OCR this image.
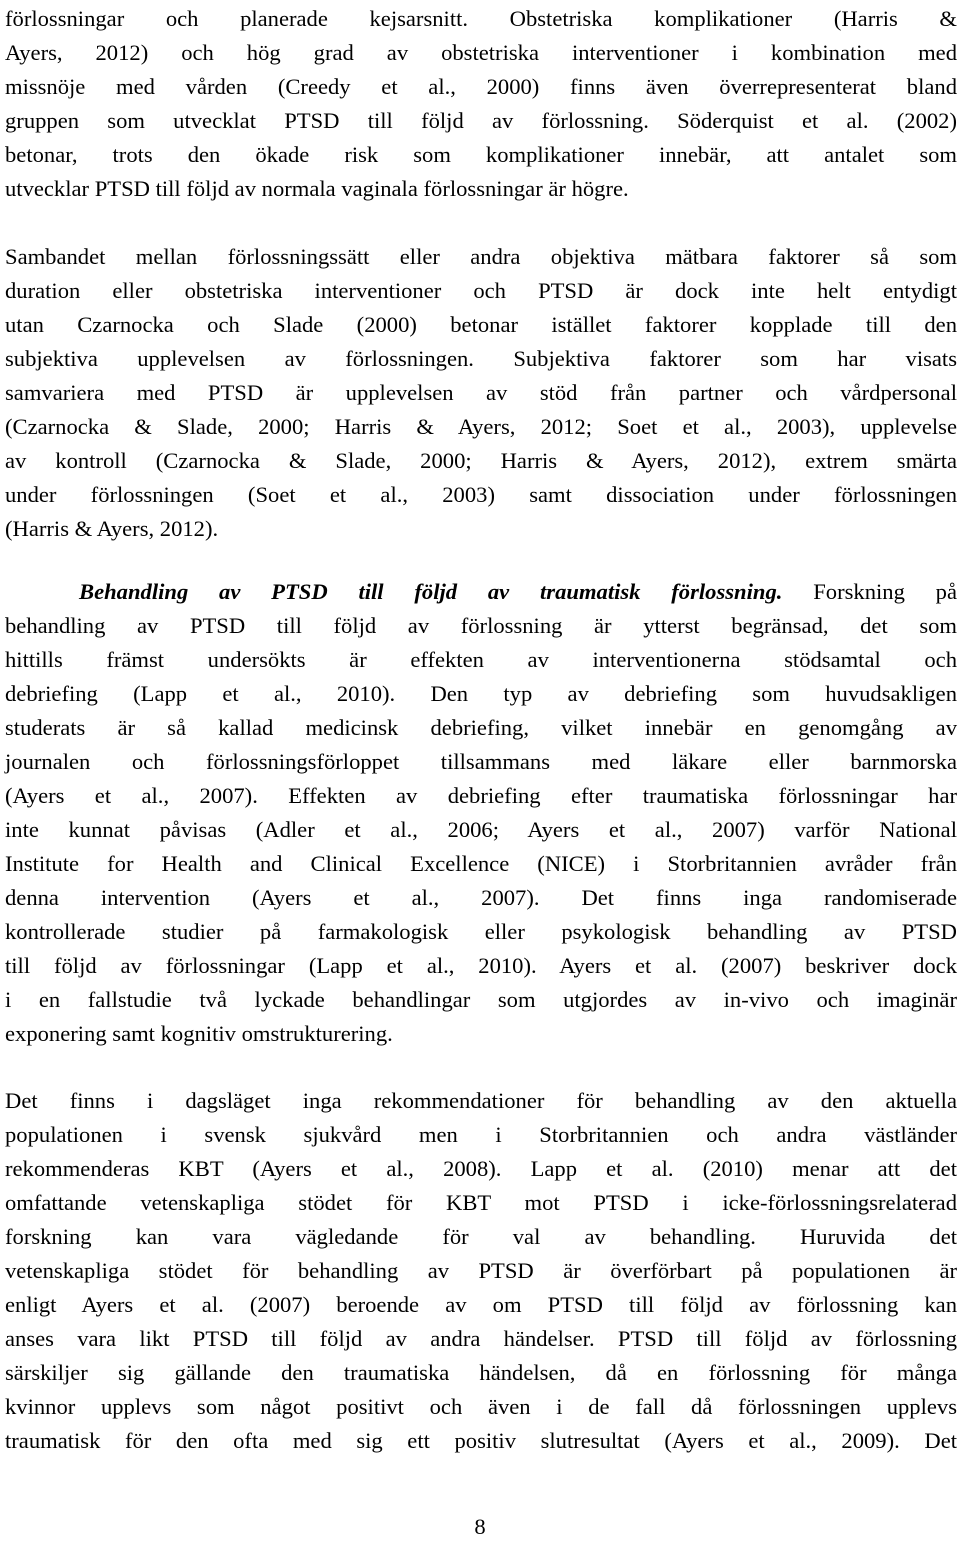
förlossningar och planerade kejsarsnitt. Obstetriska komplikationer (Harris &
Ayers, 2012) och hög grad av obstetriska interventioner i kombination med
missnöje med vården (Creedy et al., 2000) finns även överrepresenterat bland
gruppen som utvecklat PTSD till följd av förlossning. Söderquist et al. (2002)
betonar, trots den ökade risk som komplikationer innebär, att antalet som
utvecklar PTSD till följd av normala vaginala förlossningar är högre.
Sambandet mellan förlossningssätt eller andra objektiva mätbara faktorer så som
duration eller obstetriska interventioner och PTSD är dock inte helt entydigt
utan Czarnocka och Slade (2000) betonar istället faktorer kopplade till den
subjektiva upplevelsen av förlossningen. Subjektiva faktorer som har visats
samvariera med PTSD är upplevelsen av stöd från partner och vårdpersonal
(Czarnocka & Slade, 2000; Harris & Ayers, 2012; Soet et al., 2003), upplevelse
av kontroll (Czarnocka & Slade, 2000; Harris & Ayers, 2012), extrem smärta
under förlossningen (Soet et al., 2003) samt dissociation under förlossningen
(Harris & Ayers, 2012).
Behandling av PTSD till följd av traumatisk förlossning. Forskning på
behandling av PTSD till följd av förlossning är ytterst begränsad, det som
hittills främst undersökts är effekten av interventionerna stödsamtal och
debriefing (Lapp et al., 2010). Den typ av debriefing som huvudsakligen
studerats är så kallad medicinsk debriefing, vilket innebär en genomgång av
journalen och förlossningsförloppet tillsammans med läkare eller barnmorska
(Ayers et al., 2007). Effekten av debriefing efter traumatiska förlossningar har
inte kunnat påvisas (Adler et al., 2006; Ayers et al., 2007) varför National
Institute for Health and Clinical Excellence (NICE) i Storbritannien avråder från
denna intervention (Ayers et al., 2007). Det finns inga randomiserade
kontrollerade studier på farmakologisk eller psykologisk behandling av PTSD
till följd av förlossningar (Lapp et al., 2010). Ayers et al. (2007) beskriver dock
i en fallstudie två lyckade behandlingar som utgjordes av in-vivo och imaginär
exponering samt kognitiv omstrukturering.
Det finns i dagsläget inga rekommendationer för behandling av den aktuella
populationen i svensk sjukvård men i Storbritannien och andra västländer
rekommenderas KBT (Ayers et al., 2008). Lapp et al. (2010) menar att det
omfattande vetenskapliga stödet för KBT mot PTSD i icke-förlossningsrelaterad
forskning kan vara vägledande för val av behandling. Huruvida det
vetenskapliga stödet för behandling av PTSD är överförbart på populationen är
enligt Ayers et al. (2007) beroende av om PTSD till följd av förlossning kan
anses vara likt PTSD till följd av andra händelser. PTSD till följd av förlossning
särskiljer sig gällande den traumatiska händelsen, då en förlossning för många
kvinnor upplevs som något positivt och även i de fall då förlossningen upplevs
traumatisk för den ofta med sig ett positiv slutresultat (Ayers et al., 2009). Det
8
